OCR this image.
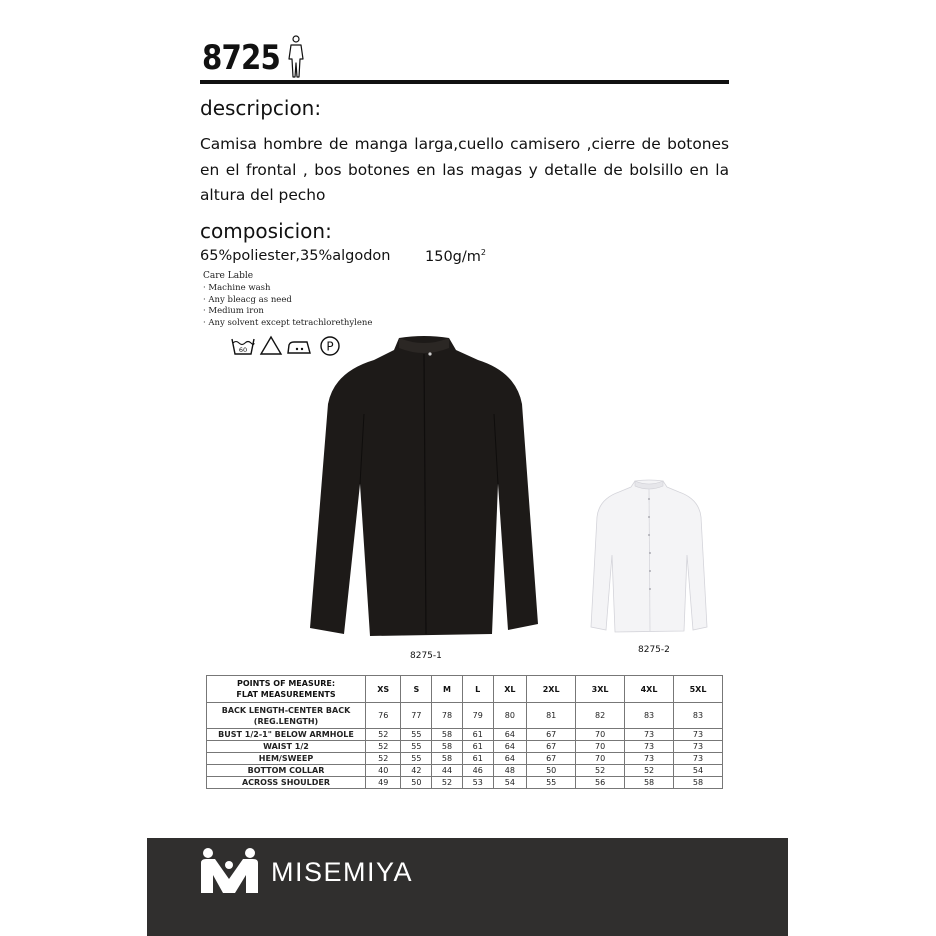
8725
descripcion:
Camisa hombre de manga larga,cuello camisero ,cierre de botones en el frontal , bos botones en las magas y detalle de bolsillo en la altura del pecho
composicion:
65%poliester,35%algodon $150g/m^2$
Care Lable
· Machine wash
· Any bleacg as need
· Medium iron
· Any solvent except tetrachlorethylene
60	P
8275-1
8275-2
POINTS OF MEASURE:
FLAT MEASUREMENTS	XS	S	M	L	XL	2XL	3XL	4XL	5XL

BACK LENGTH-CENTER BACK
(REG.LENGTH)	76	77	78	79	80	81	82	83	83
BUST 1/2-1" BELOW ARMHOLE	52	55	58	61	64	67	70	73	73
WAIST 1/2	52	55	58	61	64	67	70	73	73
HEM/SWEEP	52	55	58	61	64	67	70	73	73
BOTTOM COLLAR	40	42	44	46	48	50	52	52	54
ACROSS SHOULDER	49	50	52	53	54	55	56	58	58
MISEMIYA
